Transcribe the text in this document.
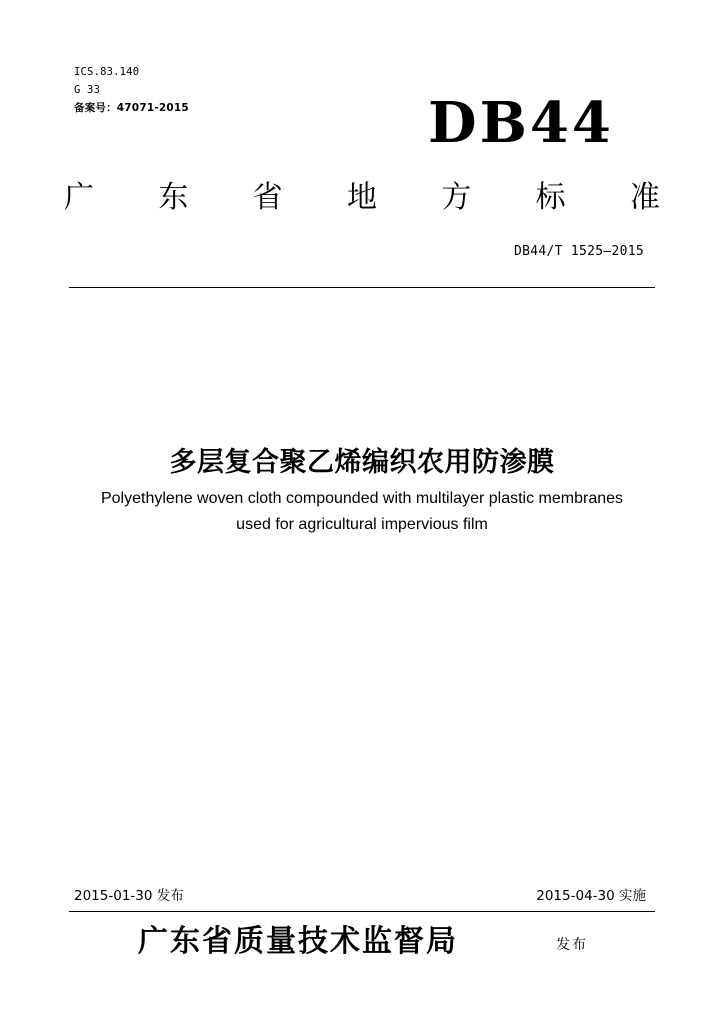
ICS.83.140
G 33
备案号：47071-2015	DB44
广 东 省 地 方 标 准
DB44/T 1525—2015
多层复合聚乙烯编织农用防渗膜
Polyethylene woven cloth compounded with multilayer plastic membranes
used for agricultural impervious film
2015-01-30 发布	2015-04-30 实施
广东省质量技术监督局	发布
